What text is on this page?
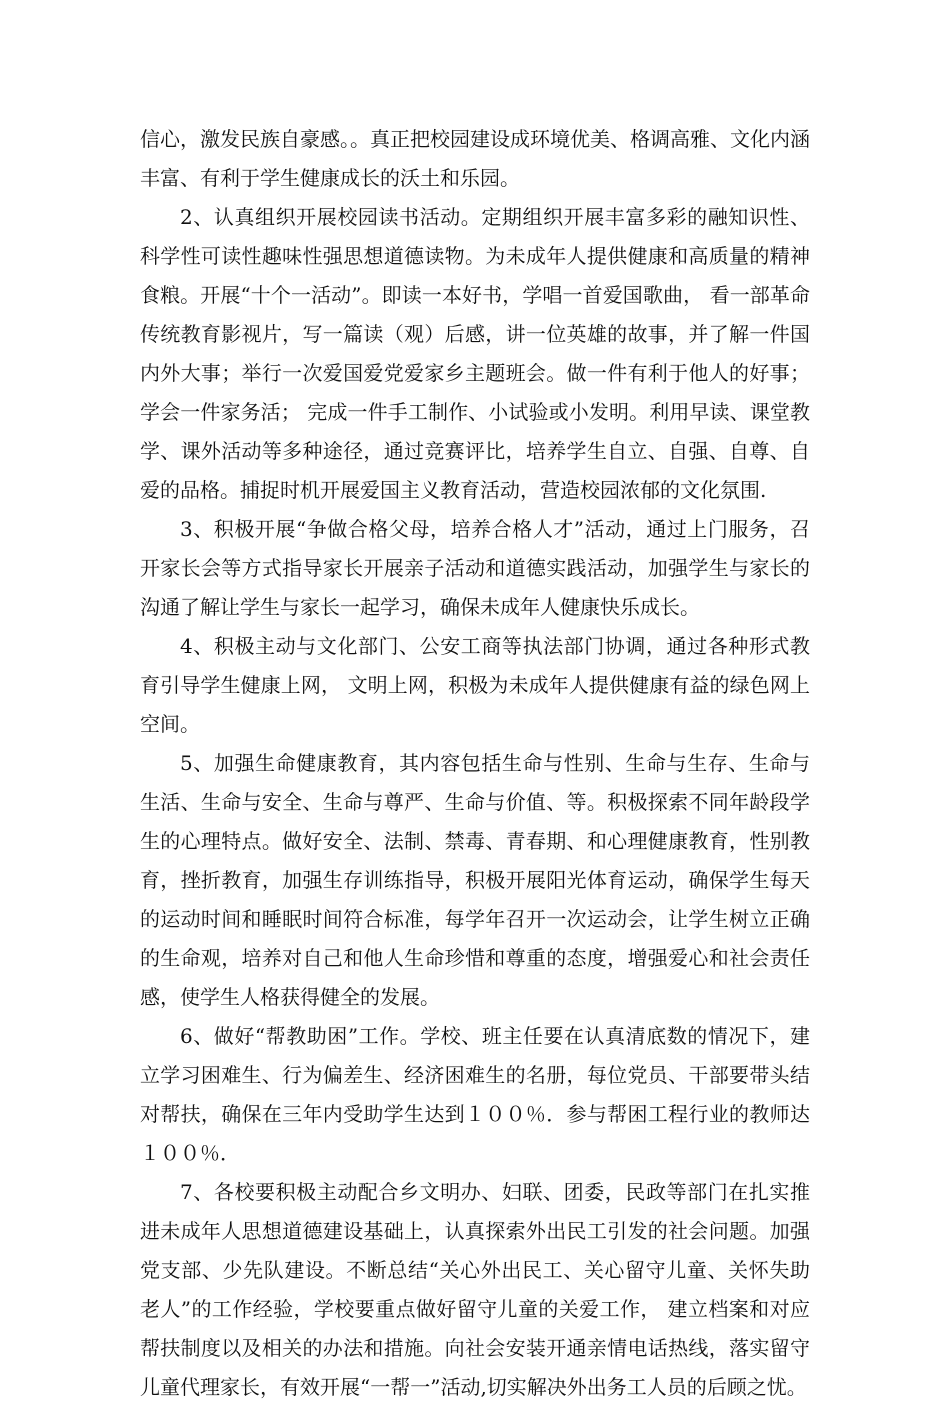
信心，激发民族自豪感。。真正把校园建设成环境优美、格调高雅、文化内涵丰富、有利于学生健康成长的沃土和乐园。

2、认真组织开展校园读书活动。定期组织开展丰富多彩的融知识性、科学性可读性趣味性强思想道德读物。为未成年人提供健康和高质量的精神食粮。开展“十个一活动”。即读一本好书，学唱一首爱国歌曲， 看一部革命传统教育影视片，写一篇读（观）后感，讲一位英雄的故事，并了解一件国内外大事；举行一次爱国爱党爱家乡主题班会。做一件有利于他人的好事；学会一件家务活； 完成一件手工制作、小试验或小发明。利用早读、课堂教学、课外活动等多种途径，通过竞赛评比，培养学生自立、自强、自尊、自爱的品格。捕捉时机开展爱国主义教育活动，营造校园浓郁的文化氛围.

3、积极开展“争做合格父母，培养合格人才”活动，通过上门服务，召开家长会等方式指导家长开展亲子活动和道德实践活动，加强学生与家长的沟通了解让学生与家长一起学习，确保未成年人健康快乐成长。

4、积极主动与文化部门、公安工商等执法部门协调，通过各种形式教育引导学生健康上网， 文明上网，积极为未成年人提供健康有益的绿色网上空间。

5、加强生命健康教育，其内容包括生命与性别、生命与生存、生命与生活、生命与安全、生命与尊严、生命与价值、等。积极探索不同年龄段学生的心理特点。做好安全、法制、禁毒、青春期、和心理健康教育，性别教育，挫折教育，加强生存训练指导，积极开展阳光体育运动，确保学生每天的运动时间和睡眠时间符合标准，每学年召开一次运动会，让学生树立正确的生命观，培养对自己和他人生命珍惜和尊重的态度，增强爱心和社会责任感，使学生人格获得健全的发展。

6、做好“帮教助困”工作。学校、班主任要在认真清底数的情况下，建立学习困难生、行为偏差生、经济困难生的名册，每位党员、干部要带头结对帮扶，确保在三年内受助学生达到１００％．参与帮困工程行业的教师达１００％．

7、各校要积极主动配合乡文明办、妇联、团委，民政等部门在扎实推进未成年人思想道德建设基础上，认真探索外出民工引发的社会问题。加强党支部、少先队建设。不断总结“关心外出民工、关心留守儿童、关怀失助老人”的工作经验，学校要重点做好留守儿童的关爱工作， 建立档案和对应帮扶制度以及相关的办法和措施。向社会安装开通亲情电话热线，落实留守儿童代理家长，有效开展“一帮一”活动,切实解决外出务工人员的后顾之忧。
